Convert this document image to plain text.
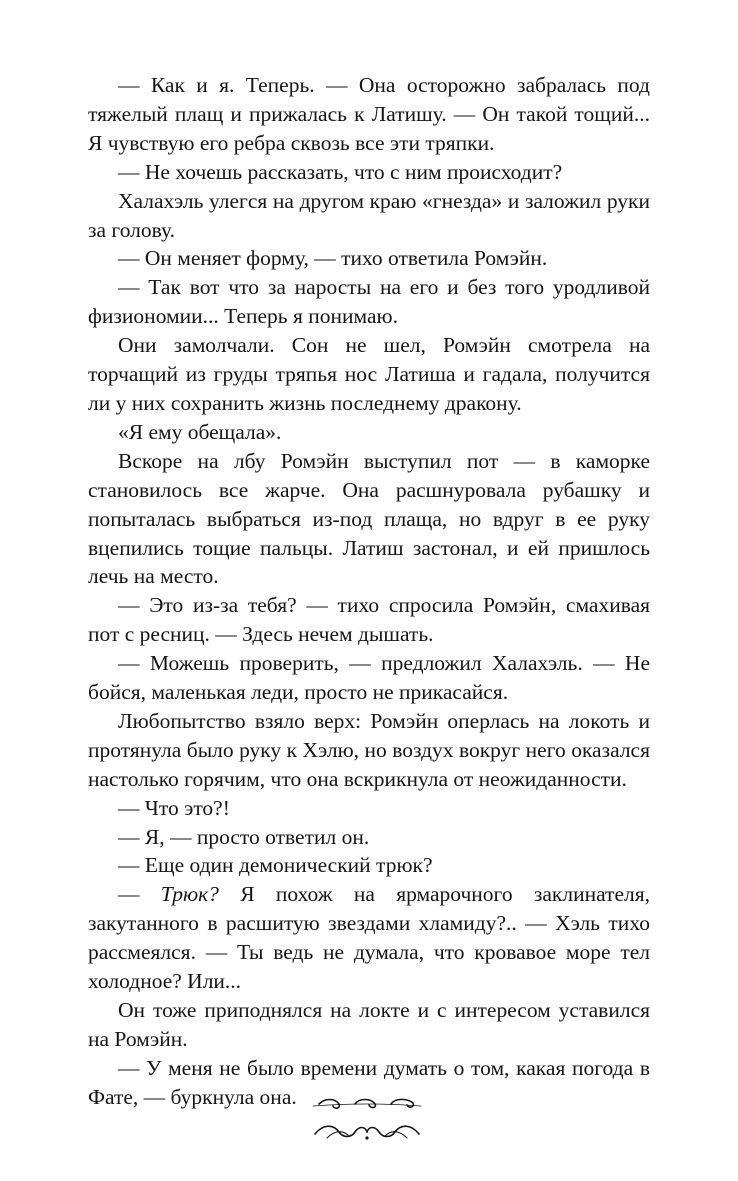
— Как и я. Теперь. — Она осторожно забралась под тяжелый плащ и прижалась к Латишу. — Он такой тощий... Я чувствую его ребра сквозь все эти тряпки.

— Не хочешь рассказать, что с ним происходит?

Халахэль улегся на другом краю «гнезда» и заложил руки за голову.

— Он меняет форму, — тихо ответила Ромэйн.

— Так вот что за наросты на его и без того уродливой физиономии... Теперь я понимаю.

Они замолчали. Сон не шел, Ромэйн смотрела на торчащий из груды тряпья нос Латиша и гадала, получится ли у них сохранить жизнь последнему дракону.

«Я ему обещала».

Вскоре на лбу Ромэйн выступил пот — в каморке становилось все жарче. Она расшнуровала рубашку и попыталась выбраться из-под плаща, но вдруг в ее руку вцепились тощие пальцы. Латиш застонал, и ей пришлось лечь на место.

— Это из-за тебя? — тихо спросила Ромэйн, смахивая пот с ресниц. — Здесь нечем дышать.

— Можешь проверить, — предложил Халахэль. — Не бойся, маленькая леди, просто не прикасайся.

Любопытство взяло верх: Ромэйн оперлась на локоть и протянула было руку к Хэлю, но воздух вокруг него оказался настолько горячим, что она вскрикнула от неожиданности.

— Что это?!

— Я, — просто ответил он.

— Еще один демонический трюк?

— Трюк? Я похож на ярмарочного заклинателя, закутанного в расшитую звездами хламиду?.. — Хэль тихо рассмеялся. — Ты ведь не думала, что кровавое море тел холодное? Или...

Он тоже приподнялся на локте и с интересом уставился на Ромэйн.

— У меня не было времени думать о том, какая погода в Фате, — буркнула она.
